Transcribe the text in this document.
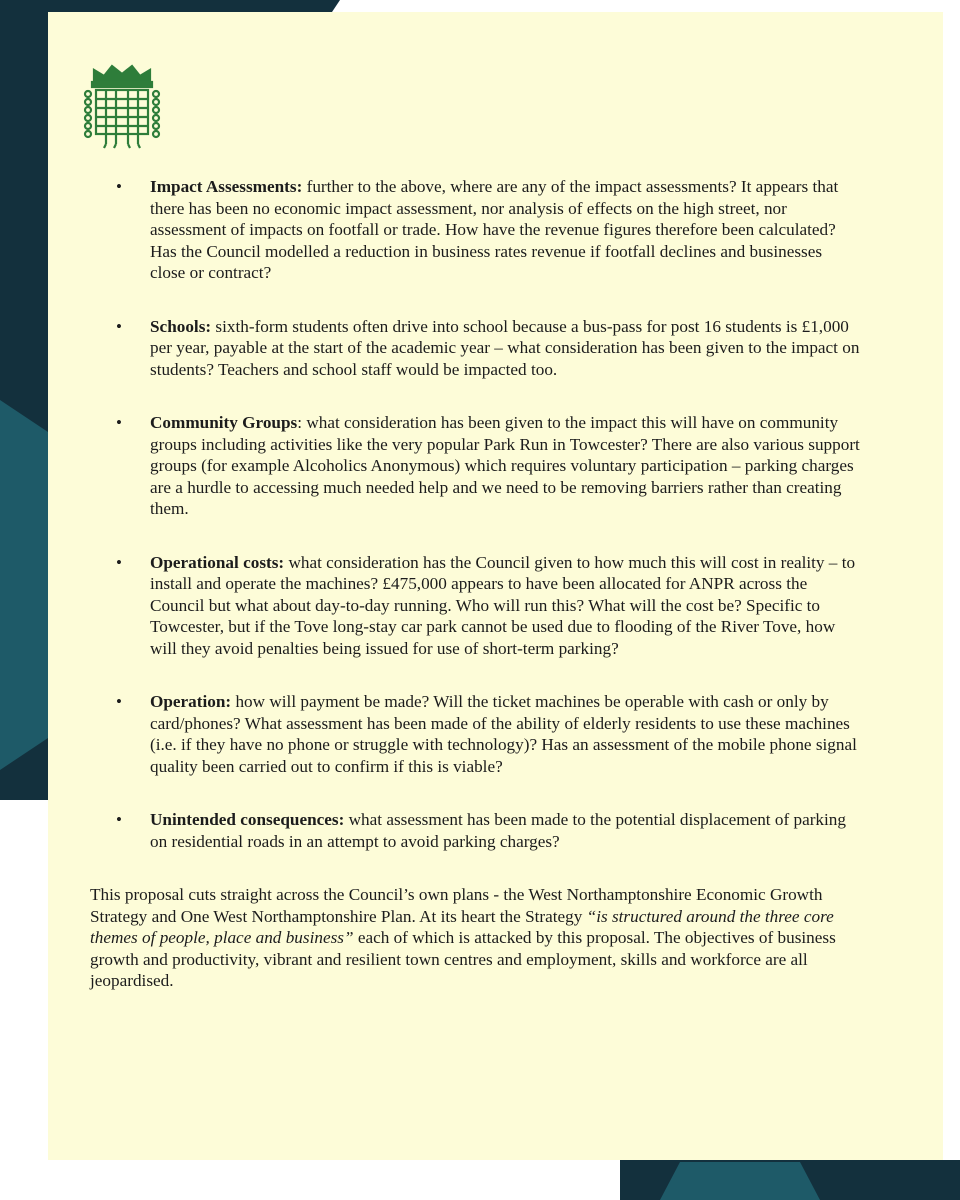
• Impact Assessments: further to the above, where are any of the impact assessments? It appears that there has been no economic impact assessment, nor analysis of effects on the high street, nor assessment of impacts on footfall or trade. How have the revenue figures therefore been calculated? Has the Council modelled a reduction in business rates revenue if footfall declines and businesses close or contract?
• Schools: sixth-form students often drive into school because a bus-pass for post 16 students is £1,000 per year, payable at the start of the academic year – what consideration has been given to the impact on students? Teachers and school staff would be impacted too.
• Community Groups: what consideration has been given to the impact this will have on community groups including activities like the very popular Park Run in Towcester? There are also various support groups (for example Alcoholics Anonymous) which requires voluntary participation – parking charges are a hurdle to accessing much needed help and we need to be removing barriers rather than creating them.
• Operational costs: what consideration has the Council given to how much this will cost in reality – to install and operate the machines? £475,000 appears to have been allocated for ANPR across the Council but what about day-to-day running. Who will run this? What will the cost be? Specific to Towcester, but if the Tove long-stay car park cannot be used due to flooding of the River Tove, how will they avoid penalties being issued for use of short-term parking?
• Operation: how will payment be made? Will the ticket machines be operable with cash or only by card/phones? What assessment has been made of the ability of elderly residents to use these machines (i.e. if they have no phone or struggle with technology)? Has an assessment of the mobile phone signal quality been carried out to confirm if this is viable?
• Unintended consequences: what assessment has been made to the potential displacement of parking on residential roads in an attempt to avoid parking charges?

This proposal cuts straight across the Council’s own plans - the West Northamptonshire Economic Growth Strategy and One West Northamptonshire Plan. At its heart the Strategy “is structured around the three core themes of people, place and business” each of which is attacked by this proposal. The objectives of business growth and productivity, vibrant and resilient town centres and employment, skills and workforce are all jeopardised.
